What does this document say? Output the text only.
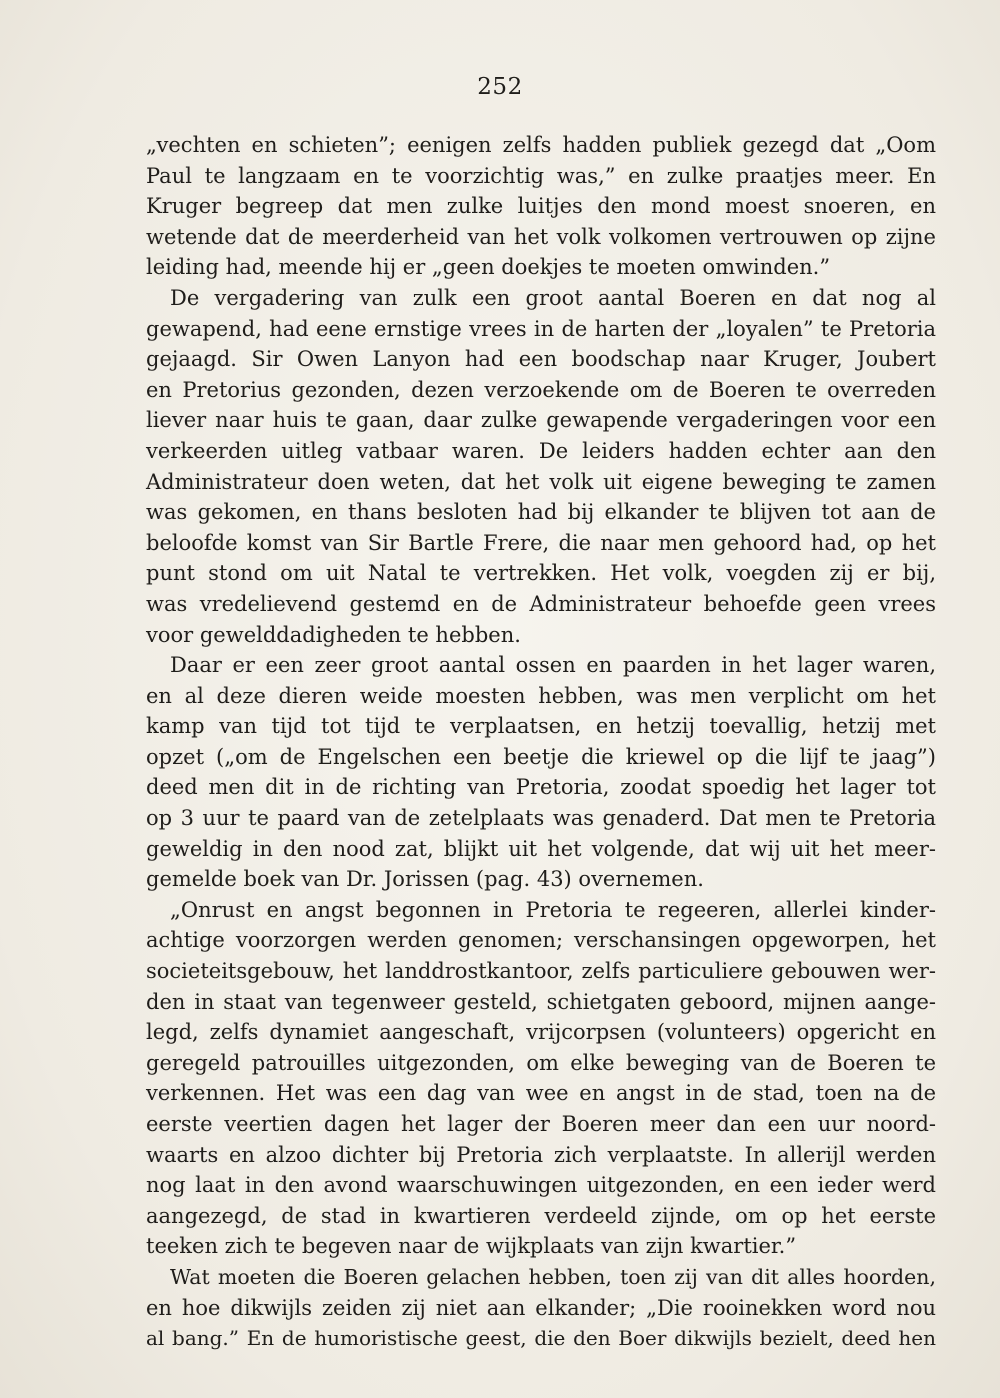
252
„vechten en schieten”; eenigen zelfs hadden publiek gezegd dat „Oom
Paul te langzaam en te voorzichtig was,” en zulke praatjes meer. En
Kruger begreep dat men zulke luitjes den mond moest snoeren, en
wetende dat de meerderheid van het volk volkomen vertrouwen op zijne
leiding had, meende hij er „geen doekjes te moeten omwinden.”
De vergadering van zulk een groot aantal Boeren en dat nog al
gewapend, had eene ernstige vrees in de harten der „loyalen” te Pretoria
gejaagd. Sir Owen Lanyon had een boodschap naar Kruger, Joubert
en Pretorius gezonden, dezen verzoekende om de Boeren te overreden
liever naar huis te gaan, daar zulke gewapende vergaderingen voor een
verkeerden uitleg vatbaar waren. De leiders hadden echter aan den
Administrateur doen weten, dat het volk uit eigene beweging te zamen
was gekomen, en thans besloten had bij elkander te blijven tot aan de
beloofde komst van Sir Bartle Frere, die naar men gehoord had, op het
punt stond om uit Natal te vertrekken. Het volk, voegden zij er bij,
was vredelievend gestemd en de Administrateur behoefde geen vrees
voor gewelddadigheden te hebben.
Daar er een zeer groot aantal ossen en paarden in het lager waren,
en al deze dieren weide moesten hebben, was men verplicht om het
kamp van tijd tot tijd te verplaatsen, en hetzij toevallig, hetzij met
opzet („om de Engelschen een beetje die kriewel op die lijf te jaag”)
deed men dit in de richting van Pretoria, zoodat spoedig het lager tot
op 3 uur te paard van de zetelplaats was genaderd. Dat men te Pretoria
geweldig in den nood zat, blijkt uit het volgende, dat wij uit het meer-
gemelde boek van Dr. Jorissen (pag. 43) overnemen.
„Onrust en angst begonnen in Pretoria te regeeren, allerlei kinder-
achtige voorzorgen werden genomen; verschansingen opgeworpen, het
societeitsgebouw, het landdrostkantoor, zelfs particuliere gebouwen wer-
den in staat van tegenweer gesteld, schietgaten geboord, mijnen aange-
legd, zelfs dynamiet aangeschaft, vrijcorpsen (volunteers) opgericht en
geregeld patrouilles uitgezonden, om elke beweging van de Boeren te
verkennen. Het was een dag van wee en angst in de stad, toen na de
eerste veertien dagen het lager der Boeren meer dan een uur noord-
waarts en alzoo dichter bij Pretoria zich verplaatste. In allerijl werden
nog laat in den avond waarschuwingen uitgezonden, en een ieder werd
aangezegd, de stad in kwartieren verdeeld zijnde, om op het eerste
teeken zich te begeven naar de wijkplaats van zijn kwartier.”
Wat moeten die Boeren gelachen hebben, toen zij van dit alles hoorden,
en hoe dikwijls zeiden zij niet aan elkander; „Die rooinekken word nou
al bang.” En de humoristische geest, die den Boer dikwijls bezielt, deed hen
